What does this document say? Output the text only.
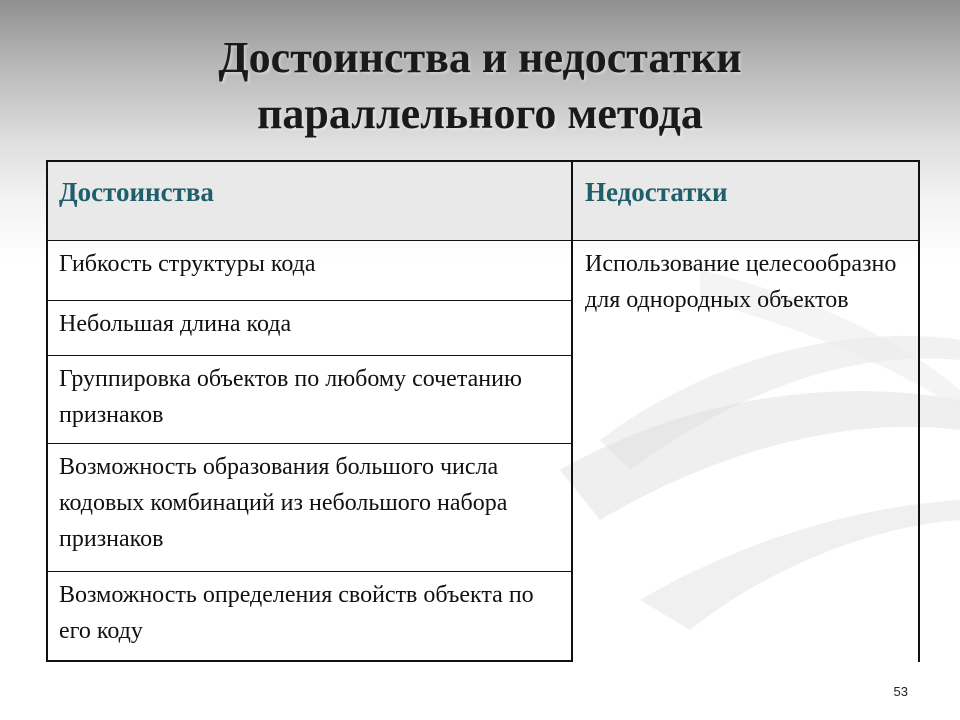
Достоинства и недостатки
параллельного метода
Достоинства	Недостатки
Гибкость структуры кода
Небольшая длина кода
Группировка объектов по любому сочетанию признаков
Возможность образования большого числа кодовых комбинаций из небольшого набора признаков
Возможность определения свойств объекта по его коду
Использование целесообразно для однородных объектов
53
